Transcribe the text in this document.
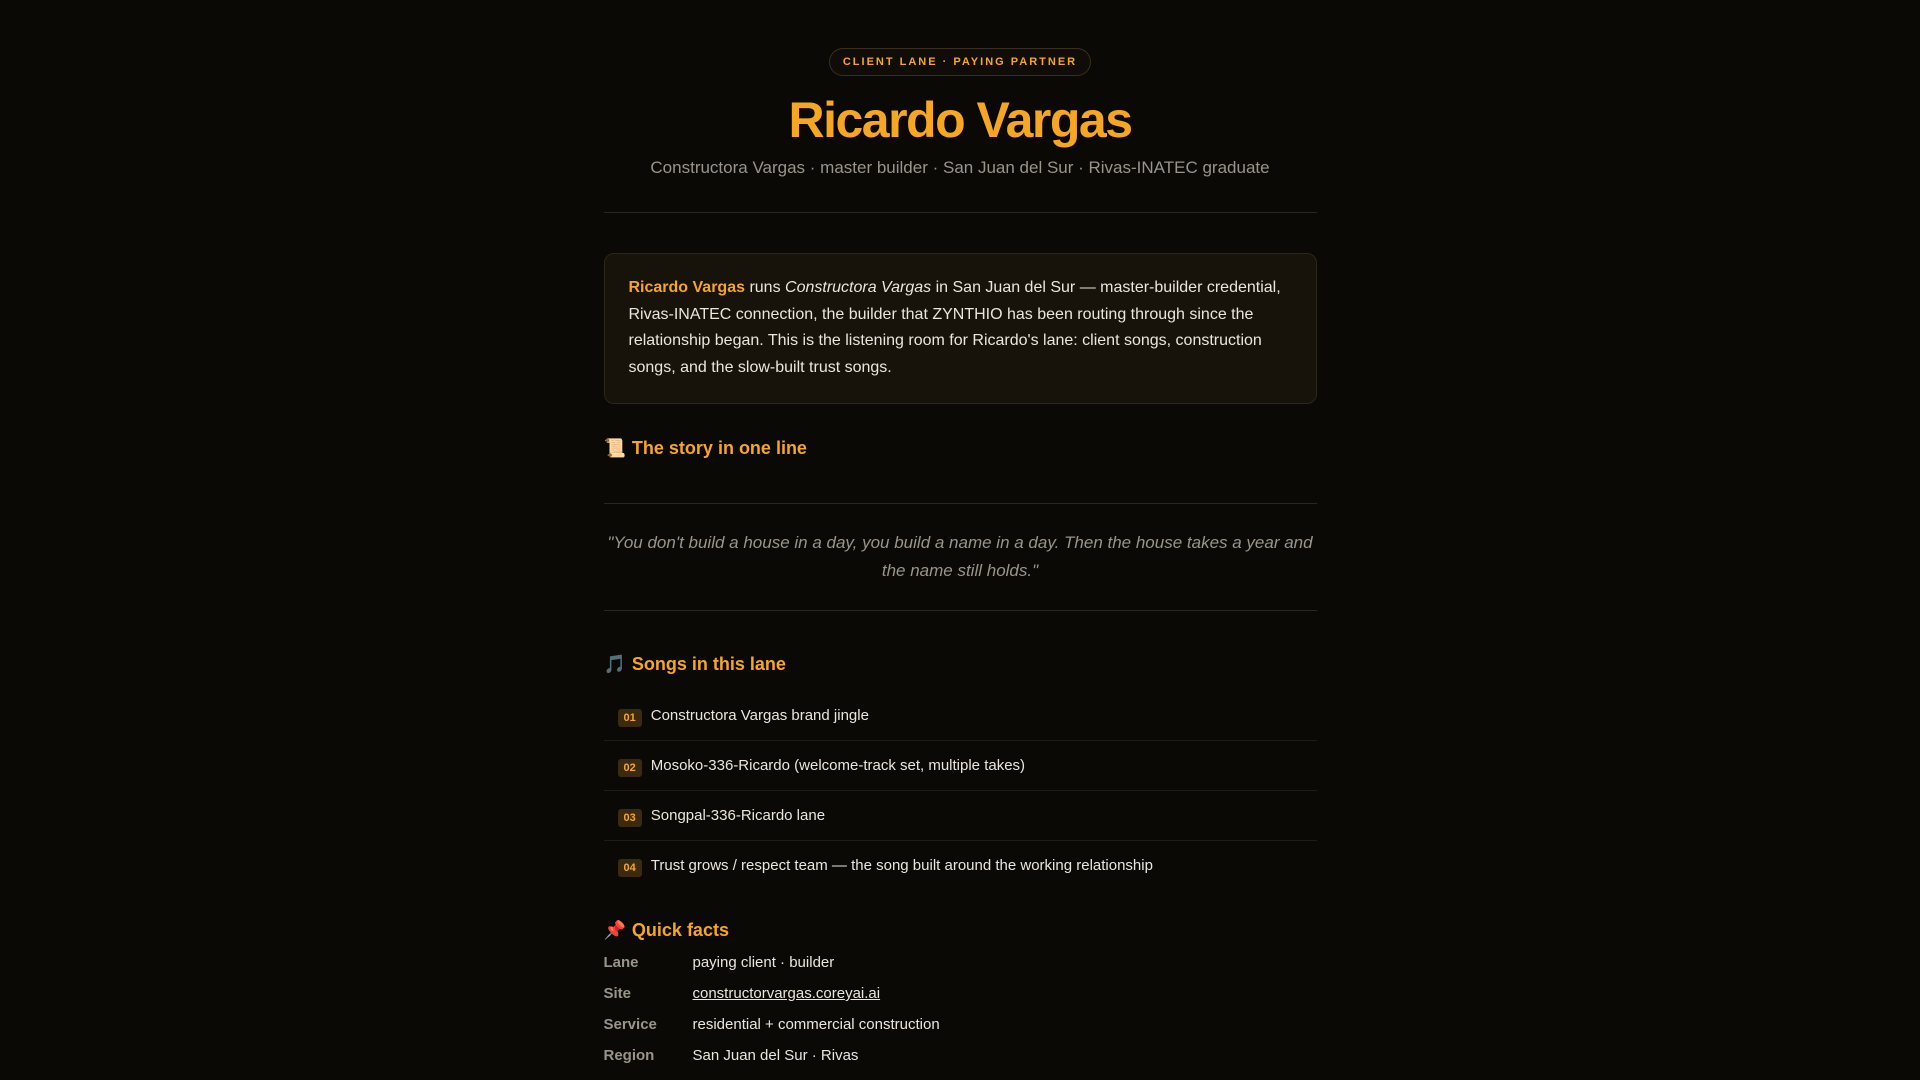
CLIENT LANE · PAYING PARTNER
Ricardo Vargas
Constructora Vargas · master builder · San Juan del Sur · Rivas-INATEC graduate
Ricardo Vargas runs Constructora Vargas in San Juan del Sur — master-builder credential, Rivas-INATEC connection, the builder that ZYNTHIO has been routing through since the relationship began. This is the listening room for Ricardo's lane: client songs, construction songs, and the slow-built trust songs.
📜 The story in one line
"You don't build a house in a day, you build a name in a day. Then the house takes a year and the name still holds."
🎵 Songs in this lane
01	Constructora Vargas brand jingle
02	Mosoko-336-Ricardo (welcome-track set, multiple takes)
03	Songpal-336-Ricardo lane
04	Trust grows / respect team — the song built around the working relationship
📌 Quick facts
Lane	paying client · builder
Site	constructorvargas.coreyai.ai
Service	residential + commercial construction
Region	San Juan del Sur · Rivas
